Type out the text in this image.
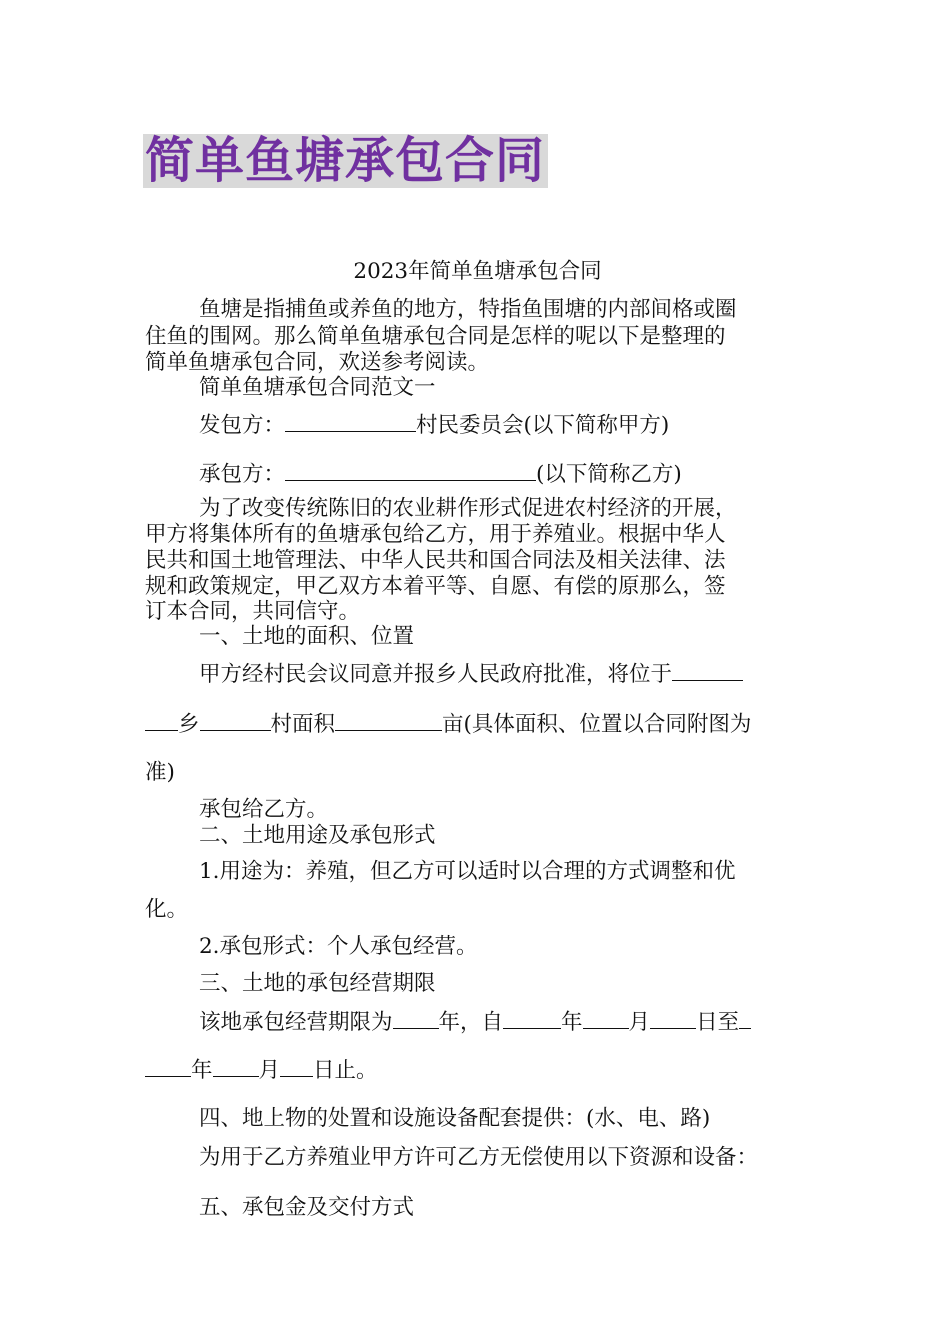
简单鱼塘承包合同
2023年简单鱼塘承包合同
鱼塘是指捕鱼或养鱼的地方，特指鱼围塘的内部间格或圈
住鱼的围网。那么简单鱼塘承包合同是怎样的呢以下是整理的
简单鱼塘承包合同，欢送参考阅读。
简单鱼塘承包合同范文一
发包方：	村民委员会(以下简称甲方)
承包方：	(以下简称乙方)
为了改变传统陈旧的农业耕作形式促进农村经济的开展，
甲方将集体所有的鱼塘承包给乙方，用于养殖业。根据中华人
民共和国土地管理法、中华人民共和国合同法及相关法律、法
规和政策规定，甲乙双方本着平等、自愿、有偿的原那么，签
订本合同，共同信守。
一、土地的面积、位置
甲方经村民会议同意并报乡人民政府批准，将位于
乡	村面积	亩(具体面积、位置以合同附图为
准)
承包给乙方。
二、土地用途及承包形式
1.用途为：养殖，但乙方可以适时以合理的方式调整和优
化。
2.承包形式：个人承包经营。
三、土地的承包经营期限
该地承包经营期限为 年，自	年 月 日至
年 月 日止。
四、地上物的处置和设施设备配套提供：(水、电、路)
为用于乙方养殖业甲方许可乙方无偿使用以下资源和设备：
五、承包金及交付方式
